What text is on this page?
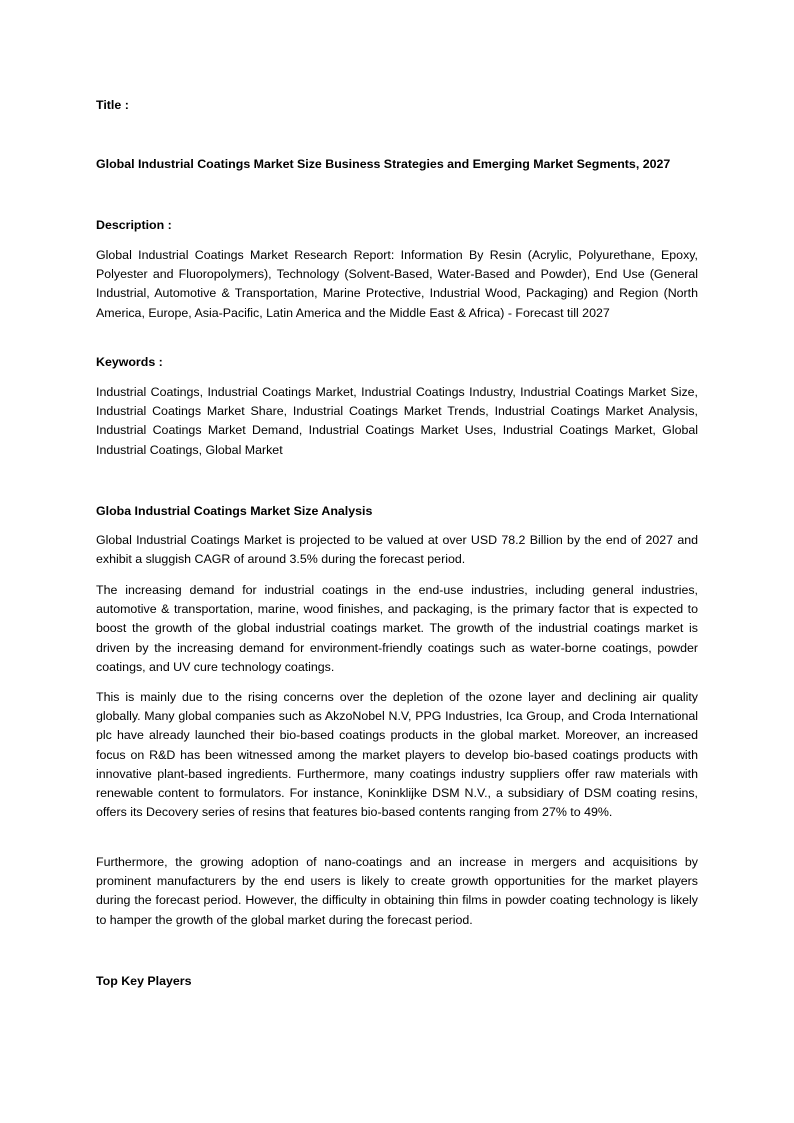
Title :

Global Industrial Coatings Market Size Business Strategies and Emerging Market Segments, 2027

Description :

Global Industrial Coatings Market Research Report: Information By Resin (Acrylic, Polyurethane, Epoxy, Polyester and Fluoropolymers), Technology (Solvent-Based, Water-Based and Powder), End Use (General Industrial, Automotive & Transportation, Marine Protective, Industrial Wood, Packaging) and Region (North America, Europe, Asia-Pacific, Latin America and the Middle East & Africa) - Forecast till 2027

Keywords :

Industrial Coatings, Industrial Coatings Market, Industrial Coatings Industry, Industrial Coatings Market Size, Industrial Coatings Market Share, Industrial Coatings Market Trends, Industrial Coatings Market Analysis, Industrial Coatings Market Demand, Industrial Coatings Market Uses, Industrial Coatings Market, Global Industrial Coatings, Global Market

Globa Industrial Coatings Market Size Analysis

Global Industrial Coatings Market is projected to be valued at over USD 78.2 Billion by the end of 2027 and exhibit a sluggish CAGR of around 3.5% during the forecast period.

The increasing demand for industrial coatings in the end-use industries, including general industries, automotive & transportation, marine, wood finishes, and packaging, is the primary factor that is expected to boost the growth of the global industrial coatings market. The growth of the industrial coatings market is driven by the increasing demand for environment-friendly coatings such as water-borne coatings, powder coatings, and UV cure technology coatings.

This is mainly due to the rising concerns over the depletion of the ozone layer and declining air quality globally. Many global companies such as AkzoNobel N.V, PPG Industries, Ica Group, and Croda International plc have already launched their bio-based coatings products in the global market. Moreover, an increased focus on R&D has been witnessed among the market players to develop bio-based coatings products with innovative plant-based ingredients. Furthermore, many coatings industry suppliers offer raw materials with renewable content to formulators. For instance, Koninklijke DSM N.V., a subsidiary of DSM coating resins, offers its Decovery series of resins that features bio-based contents ranging from 27% to 49%.

Furthermore, the growing adoption of nano-coatings and an increase in mergers and acquisitions by prominent manufacturers by the end users is likely to create growth opportunities for the market players during the forecast period. However, the difficulty in obtaining thin films in powder coating technology is likely to hamper the growth of the global market during the forecast period.

Top Key Players
